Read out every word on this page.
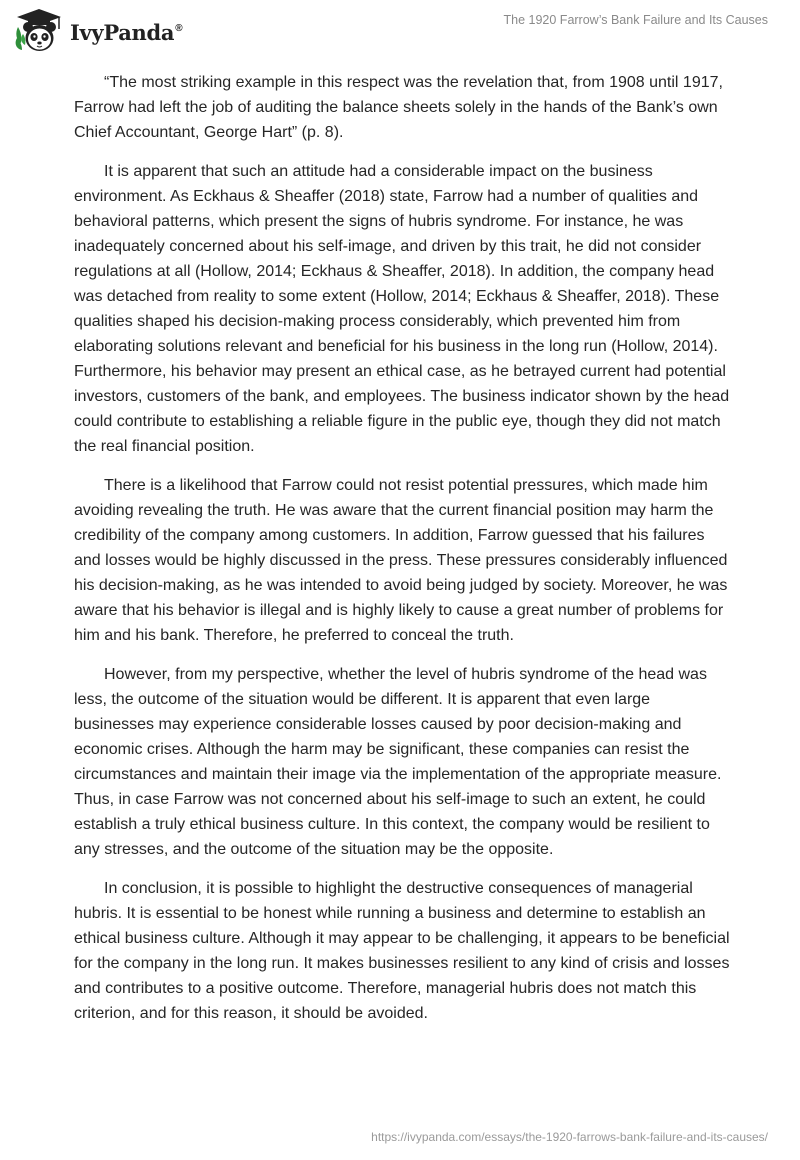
IvyPanda®
The 1920 Farrow’s Bank Failure and Its Causes

“The most striking example in this respect was the revelation that, from 1908 until 1917, Farrow had left the job of auditing the balance sheets solely in the hands of the Bank’s own Chief Accountant, George Hart” (p. 8).

It is apparent that such an attitude had a considerable impact on the business environment. As Eckhaus & Sheaffer (2018) state, Farrow had a number of qualities and behavioral patterns, which present the signs of hubris syndrome. For instance, he was inadequately concerned about his self-image, and driven by this trait, he did not consider regulations at all (Hollow, 2014; Eckhaus & Sheaffer, 2018). In addition, the company head was detached from reality to some extent (Hollow, 2014; Eckhaus & Sheaffer, 2018). These qualities shaped his decision-making process considerably, which prevented him from elaborating solutions relevant and beneficial for his business in the long run (Hollow, 2014). Furthermore, his behavior may present an ethical case, as he betrayed current had potential investors, customers of the bank, and employees. The business indicator shown by the head could contribute to establishing a reliable figure in the public eye, though they did not match the real financial position.

There is a likelihood that Farrow could not resist potential pressures, which made him avoiding revealing the truth. He was aware that the current financial position may harm the credibility of the company among customers. In addition, Farrow guessed that his failures and losses would be highly discussed in the press. These pressures considerably influenced his decision-making, as he was intended to avoid being judged by society. Moreover, he was aware that his behavior is illegal and is highly likely to cause a great number of problems for him and his bank. Therefore, he preferred to conceal the truth.

However, from my perspective, whether the level of hubris syndrome of the head was less, the outcome of the situation would be different. It is apparent that even large businesses may experience considerable losses caused by poor decision-making and economic crises. Although the harm may be significant, these companies can resist the circumstances and maintain their image via the implementation of the appropriate measure. Thus, in case Farrow was not concerned about his self-image to such an extent, he could establish a truly ethical business culture. In this context, the company would be resilient to any stresses, and the outcome of the situation may be the opposite.

In conclusion, it is possible to highlight the destructive consequences of managerial hubris. It is essential to be honest while running a business and determine to establish an ethical business culture. Although it may appear to be challenging, it appears to be beneficial for the company in the long run. It makes businesses resilient to any kind of crisis and losses and contributes to a positive outcome. Therefore, managerial hubris does not match this criterion, and for this reason, it should be avoided.

https://ivypanda.com/essays/the-1920-farrows-bank-failure-and-its-causes/
